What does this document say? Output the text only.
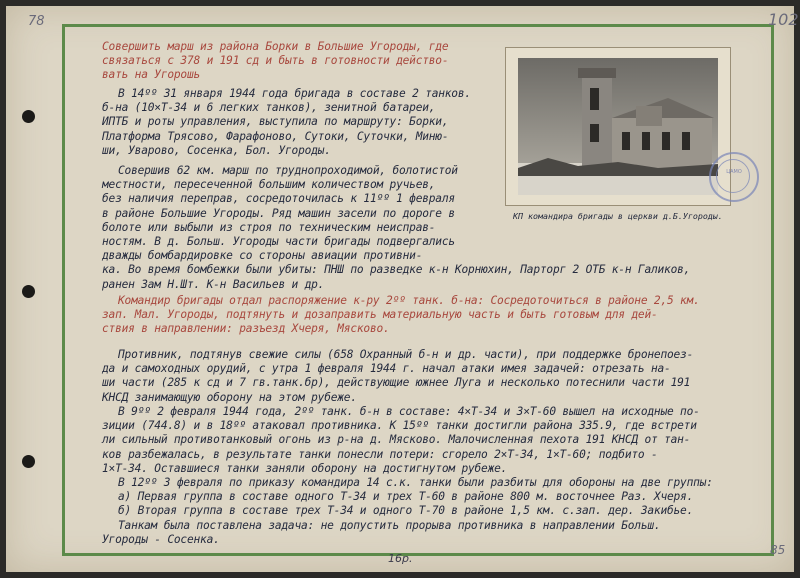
78	102
85
16р.
КП командира бригады в церкви д.Б.Угороды.
ЦАМО
Совершить марш из района Борки в Большие Угороды, где
связаться с 378 и 191 сд и быть в готовности действо-
вать на Угорошь
В 14ºº 31 января 1944 года бригада в составе 2 танков.
б-на (10×Т-34 и 6 легких танков), зенитной батареи,
ИПТБ и роты управления, выступила по маршруту: Борки,
Платформа Трясово, Фарафоново, Сутоки, Суточки, Миню-
ши, Уварово, Сосенка, Бол. Угороды.
Совершив 62 км. марш по труднопроходимой, болотистой
местности, пересеченной большим количеством ручьев,
без наличия переправ, сосредоточилась к 11ºº 1 февраля
в районе Большие Угороды. Ряд машин засели по дороге в
болоте или выбыли из строя по техническим неисправ-
ностям. В д. Больш. Угороды части бригады подвергались
дважды бомбардировке со стороны авиации противни-
ка. Во время бомбежки были убиты: ПНШ по разведке к-н Корнюхин, Парторг 2 ОТБ к-н Галиков,
ранен Зам Н.Шт. К-н Васильев и др.
Командир бригады отдал распоряжение к-ру 2ºº танк. б-на: Сосредоточиться в районе 2,5 км.
зап. Мал. Угороды, подтянуть и дозаправить материальную часть и быть готовым для дей-
ствия в направлении: разъезд Хчеря, Мясково.
Противник, подтянув свежие силы (658 Охранный б-н и др. части), при поддержке бронепоез-
да и самоходных орудий, с утра 1 февраля 1944 г. начал атаки имея задачей: отрезать на-
ши части (285 к сд и 7 гв.танк.бр), действующие южнее Луга и несколько потеснили части 191
КНСД занимающую оборону на этом рубеже.
В 9ºº 2 февраля 1944 года, 2ºº танк. б-н в составе: 4×Т-34 и 3×Т-60 вышел на исходные по-
зиции (744.8) и в 18ºº атаковал противника. К 15ºº танки достигли района 335.9, где встрети
ли сильный противотанковый огонь из р-на д. Мясково. Малочисленная пехота 191 КНСД от тан-
ков разбежалась, в результате танки понесли потери: сгорело 2×Т-34, 1×Т-60; подбито -
1×Т-34. Оставшиеся танки заняли оборону на достигнутом рубеже.
В 12ºº 3 февраля по приказу командира 14 с.к. танки были разбиты для обороны на две группы:
а) Первая группа в составе одного Т-34 и трех Т-60 в районе 800 м. восточнее Раз. Хчеря.
б) Вторая группа в составе трех Т-34 и одного Т-70 в районе 1,5 км. с.зап. дер. Закибье.
Танкам была поставлена задача: не допустить прорыва противника в направлении Больш.
Угороды - Сосенка.
